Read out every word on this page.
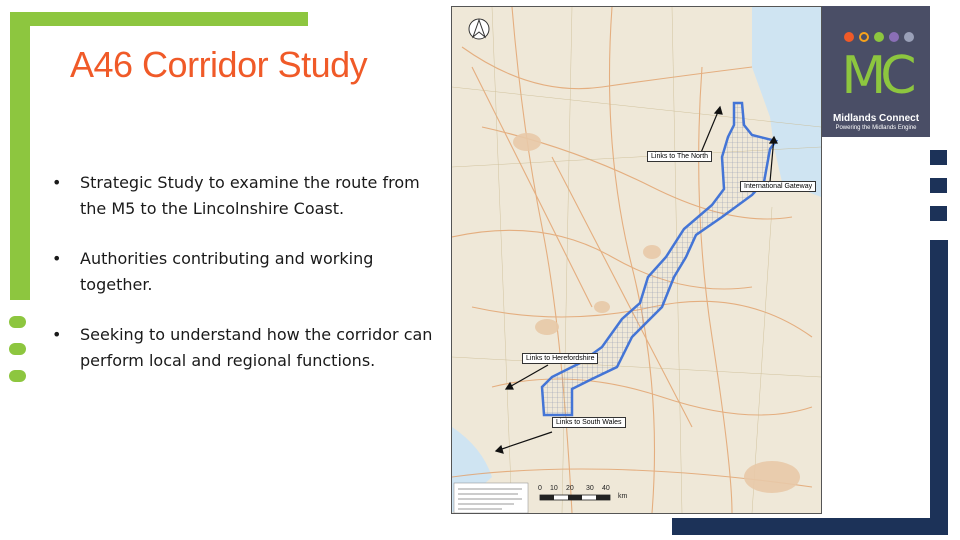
A46 Corridor Study
•	Strategic Study to examine the route from the M5 to the Lincolnshire Coast.
•	Authorities contributing and working together.
•	Seeking to understand how the corridor can perform local and regional functions.
Links to The North
International Gateway
Links to Herefordshire
Links to South Wales
0 10 20 30 40
km
MC
Midlands Connect
Powering the Midlands Engine
